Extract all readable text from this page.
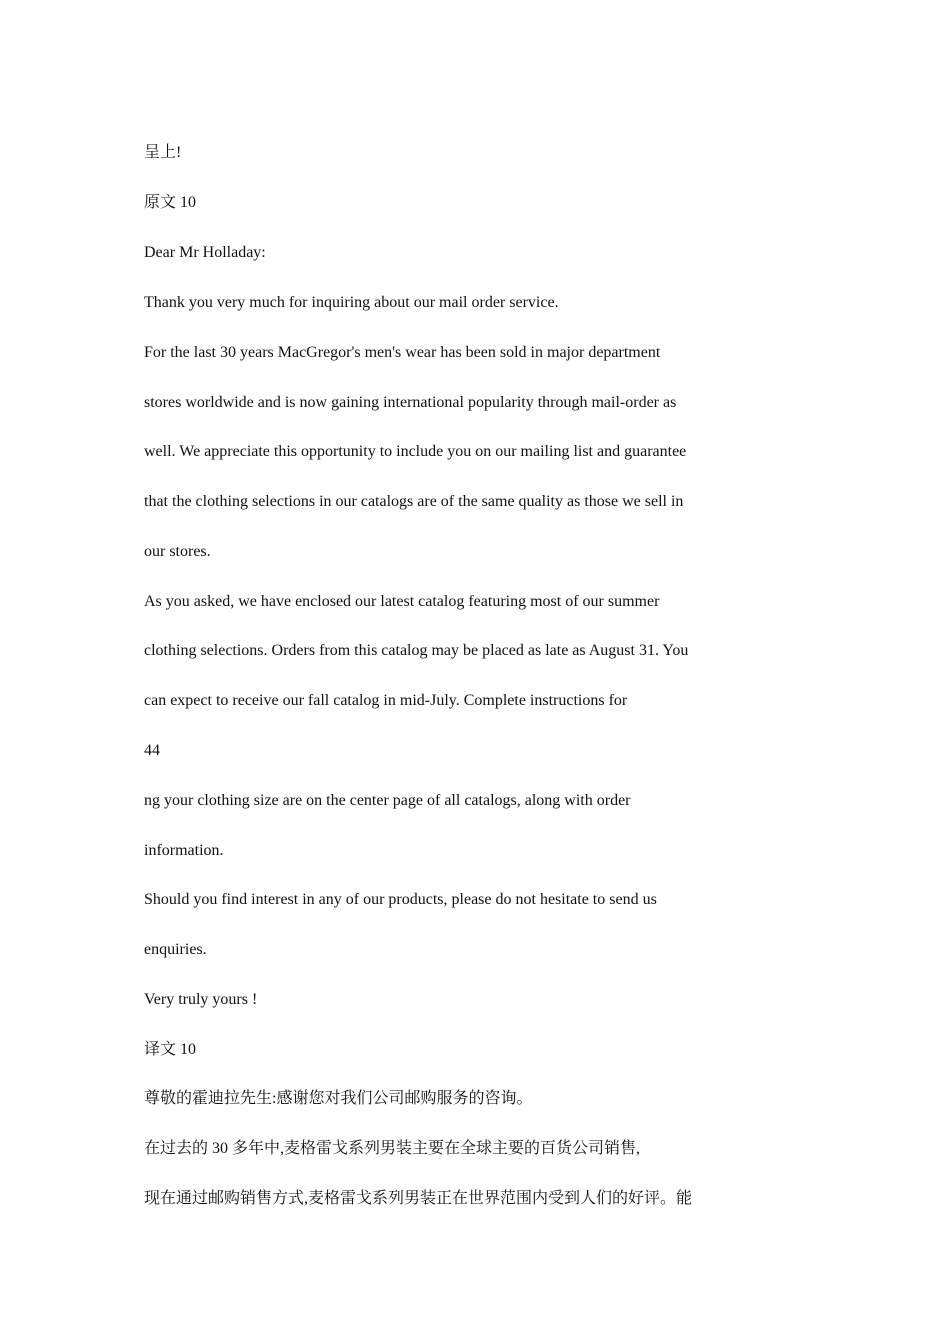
呈上!
原文 10
Dear Mr Holladay:
Thank you very much for inquiring about our mail order service.
For the last 30 years MacGregor's men's wear has been sold in major department
stores worldwide and is now gaining international popularity through mail-order as
well. We appreciate this opportunity to include you on our mailing list and guarantee
that the clothing selections in our catalogs are of the same quality as those we sell in
our stores.
As you asked, we have enclosed our latest catalog featuring most of our summer
clothing selections. Orders from this catalog may be placed as late as August 31. You
can expect to receive our fall catalog in mid-July. Complete instructions for
44
ng your clothing size are on the center page of all catalogs, along with order
information.
Should you find interest in any of our products, please do not hesitate to send us
enquiries.
Very truly yours !
译文 10
尊敬的霍迪拉先生:感谢您对我们公司邮购服务的咨询。
在过去的 30 多年中,麦格雷戈系列男装主要在全球主要的百货公司销售,
现在通过邮购销售方式,麦格雷戈系列男装正在世界范围内受到人们的好评。能
